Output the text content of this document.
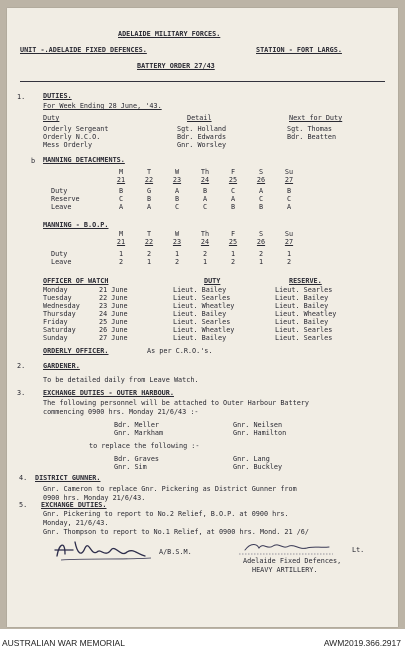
ADELAIDE MILITARY FORCES.
UNIT -.ADELAIDE FIXED DEFENCES.	STATION - FORT LARGS.
BATTERY ORDER 27/43
1.	DUTIES.
For Week Ending 28 June, '43.
Duty	Detail	Next for Duty
Orderly Sergeant	Sgt. Holland	Sgt. Thomas
Orderly N.C.O.	Bdr. Edwards	Bdr. Beatten
Mess Orderly	Gnr. Worsley
b MANNING DETACHMENTS.
	M	T	W	Th	F	S	Su
	21	22	23	24	25	26	27

Duty	B	G	A	B	C	A	B
Reserve	C	B	B	A	A	C	C
Leave	A	A	C	C	B	B	A
MANNING - B.O.P.
	M	T	W	Th	F	S	Su
	21	22	23	24	25	26	27

Duty	1	2	1	2	1	2	1
Leave	2	1	2	1	2	1	2
OFFICER OF WATCH	DUTY	RESERVE.
Monday	21 June	Lieut. Bailey	Lieut. Searles
Tuesday	22 June	Lieut. Searles	Lieut. Bailey
Wednesday	23 June	Lieut. Wheatley	Lieut. Bailey
Thursday	24 June	Lieut. Bailey	Lieut. Wheatley
Friday	25 June	Lieut. Searles	Lieut. Bailey
Saturday	26 June	Lieut. Wheatley	Lieut. Searles
Sunday	27 June	Lieut. Bailey	Lieut. Searles
ORDERLY OFFICER.	As per C.R.O.'s.
2.	GARDENER.
To be detailed daily from Leave Watch.
3.	EXCHANGE DUTIES - OUTER HARBOUR.
The following personnel will be attached to Outer Harbour Battery
commencing 0900 hrs. Monday 21/6/43 :-
Bdr. Meller	Gnr. Neilsen
Gnr. Markham	Gnr. Hamilton
to replace the following :-
Bdr. Graves	Gnr. Lang
Gnr. Sim	Gnr. Buckley
4. DISTRICT GUNNER.
Gnr. Cameron to replace Gnr. Pickering as District Gunner from
0900 hrs. Monday 21/6/43.
5. EXCHANGE DUTIES.
Gnr. Pickering to report to No.2 Relief, B.O.P. at 0900 hrs.
Monday, 21/6/43.
Gnr. Thompson to report to No.1 Relief, at 0900 hrs. Mond. 21 /6/
A/B.S.M.	Lt.
Adelaide Fixed Defences,
HEAVY ARTILLERY.
AUSTRALIAN WAR MEMORIAL	AWM2019.366.2917
